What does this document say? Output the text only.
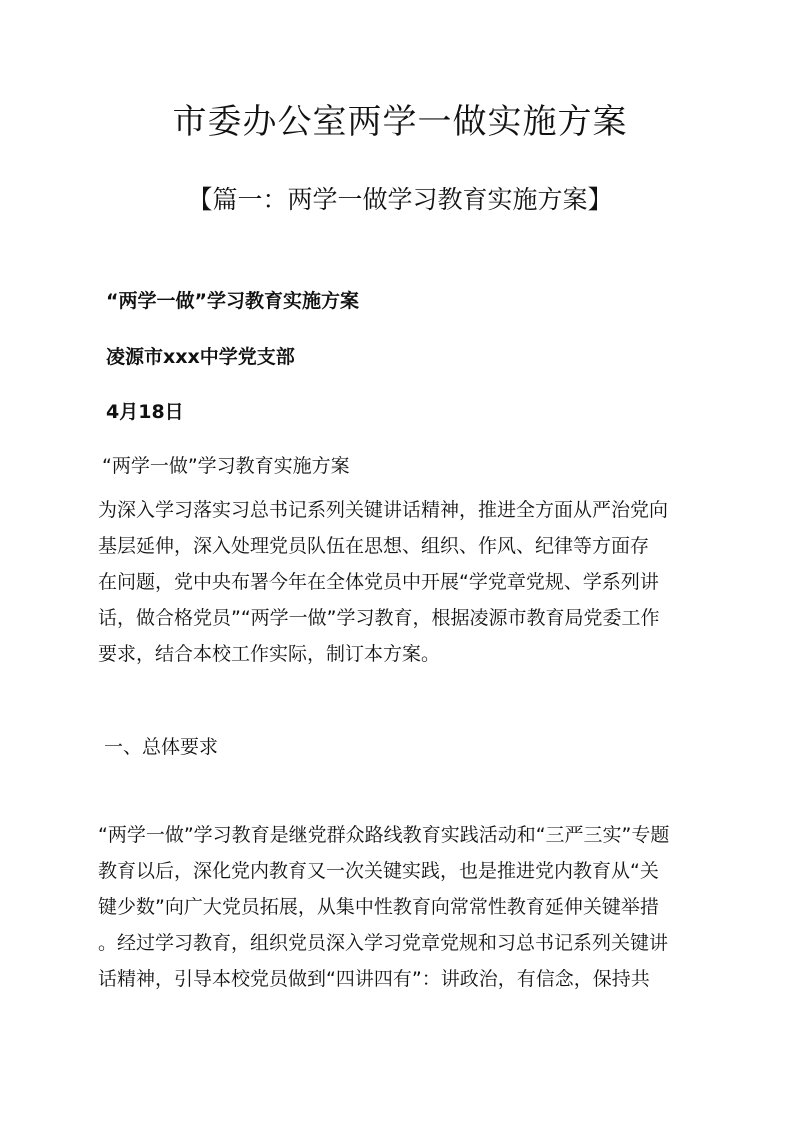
市委办公室两学一做实施方案
【篇一：两学一做学习教育实施方案】
“两学一做”学习教育实施方案
凌源市xxx中学党支部
4月18日
“两学一做”学习教育实施方案

为深入学习落实习总书记系列关键讲话精神，推进全方面从严治党向

基层延伸，深入处理党员队伍在思想、组织、作风、纪律等方面存

在问题，党中央布署今年在全体党员中开展“学党章党规、学系列讲

话，做合格党员”“两学一做”学习教育，根据凌源市教育局党委工作

要求，结合本校工作实际，制订本方案。

一、总体要求

“两学一做”学习教育是继党群众路线教育实践活动和“三严三实”专题

教育以后，深化党内教育又一次关键实践，也是推进党内教育从“关

键少数”向广大党员拓展，从集中性教育向常常性教育延伸关键举措

。经过学习教育，组织党员深入学习党章党规和习总书记系列关键讲

话精神，引导本校党员做到“四讲四有”：讲政治，有信念，保持共
